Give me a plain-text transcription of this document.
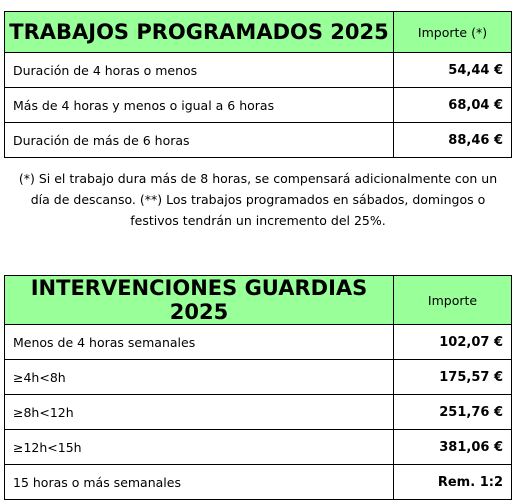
TRABAJOS PROGRAMADOS 2025	Importe (*)
Duración de 4 horas o menos	54,44 €
Más de 4 horas y menos o igual a 6 horas	68,04 €
Duración de más de 6 horas	88,46 €
(*) Si el trabajo dura más de 8 horas, se compensará adicionalmente con un día de descanso. (**) Los trabajos programados en sábados, domingos o festivos tendrán un incremento del 25%.
INTERVENCIONES GUARDIAS 2025	Importe
Menos de 4 horas semanales	102,07 €
≥4h<8h	175,57 €
≥8h<12h	251,76 €
≥12h<15h	381,06 €
15 horas o más semanales	Rem. 1:2
